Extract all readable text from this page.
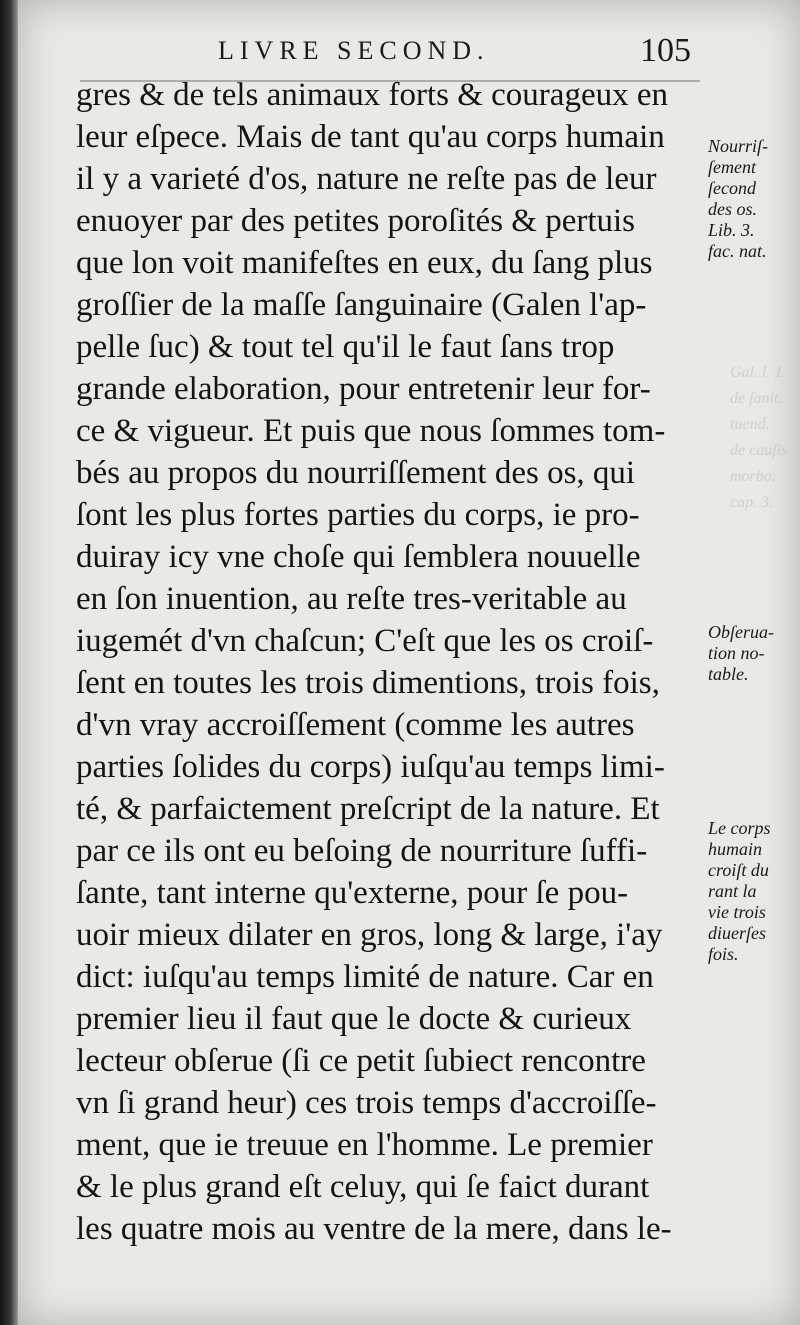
LIVRE SECOND.	105
Gal. l. 1.
de ſanit.
tuend.
de cauſis
morbo.
cap. 3.
gres & de tels animaux forts & courageux en
leur eſpece. Mais de tant qu'au corps humain
il y a varieté d'os, nature ne reſte pas de leur
enuoyer par des petites poroſités & pertuis
que lon voit manifeſtes en eux, du ſang plus
groſſier de la maſſe ſanguinaire (Galen l'ap-
pelle ſuc) & tout tel qu'il le faut ſans trop
grande elaboration, pour entretenir leur for-
ce & vigueur. Et puis que nous ſommes tom-
bés au propos du nourriſſement des os, qui
ſont les plus fortes parties du corps, ie pro-
duiray icy vne choſe qui ſemblera nouuelle
en ſon inuention, au reſte tres-veritable au
iugemét d'vn chaſcun; C'eſt que les os croiſ-
ſent en toutes les trois dimentions, trois fois,
d'vn vray accroiſſement (comme les autres
parties ſolides du corps) iuſqu'au temps limi-
té, & parfaictement preſcript de la nature. Et
par ce ils ont eu beſoing de nourriture ſuffi-
ſante, tant interne qu'externe, pour ſe pou-
uoir mieux dilater en gros, long & large, i'ay
dict: iuſqu'au temps limité de nature. Car en
premier lieu il faut que le docte & curieux
lecteur obſerue (ſi ce petit ſubiect rencontre
vn ſi grand heur) ces trois temps d'accroiſſe-
ment, que ie treuue en l'homme. Le premier
& le plus grand eſt celuy, qui ſe faict durant
les quatre mois au ventre de la mere, dans le-
Nourriſ-
ſement
ſecond
des os.
Lib. 3.
fac. nat.
Obſerua-
tion no-
table.
Le corps
humain
croiſt du
rant la
vie trois
diuerſes
fois.
